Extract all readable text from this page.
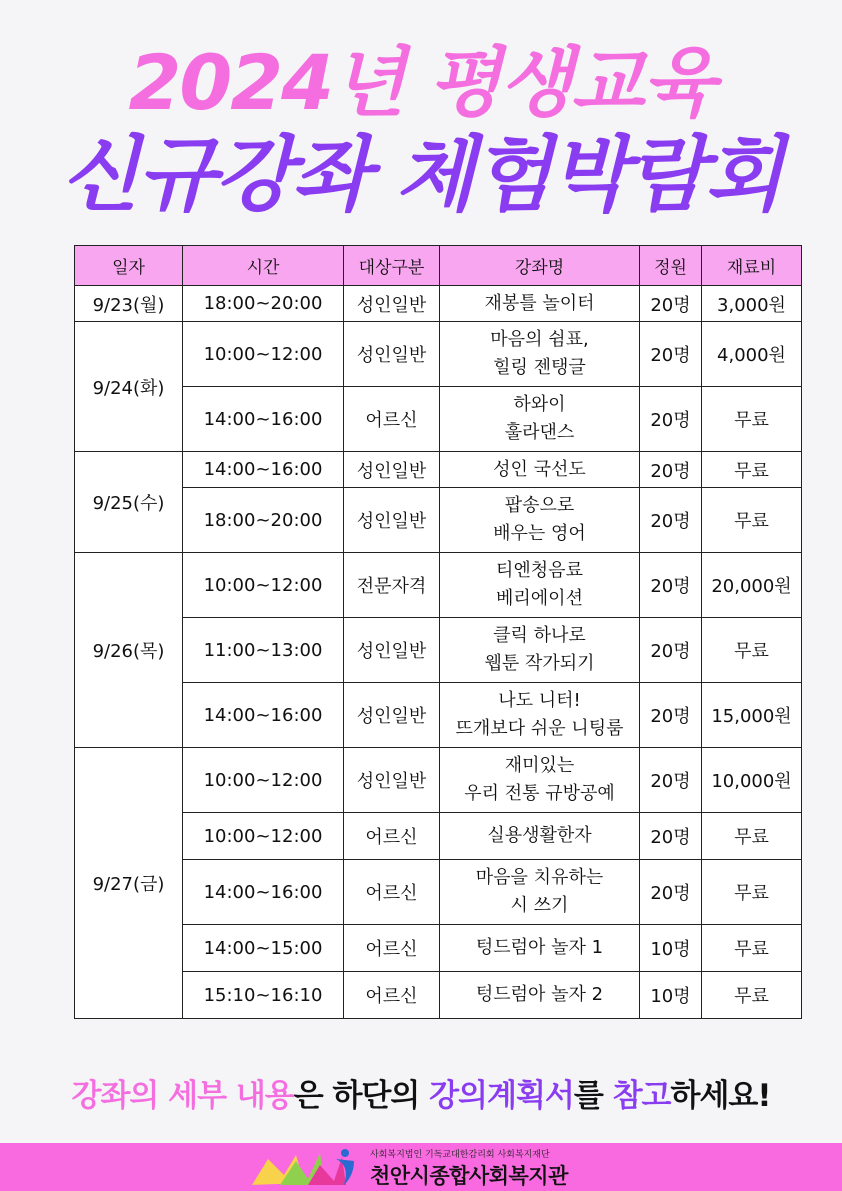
2024년 평생교육
신규강좌 체험박람회
일자	시간	대상구분	강좌명	정원	재료비
9/23(월)	18:00~20:00	성인일반	재봉틀 놀이터	20명	3,000원
9/24(화)	10:00~12:00	성인일반	마음의 쉼표,
힐링 젠탱글	20명	4,000원
	14:00~16:00	어르신	하와이
훌라댄스	20명	무료
9/25(수)	14:00~16:00	성인일반	성인 국선도	20명	무료
	18:00~20:00	성인일반	팝송으로
배우는 영어	20명	무료
9/26(목)	10:00~12:00	전문자격	티엔청음료
베리에이션	20명	20,000원
	11:00~13:00	성인일반	클릭 하나로
웹툰 작가되기	20명	무료
	14:00~16:00	성인일반	나도 니터!
뜨개보다 쉬운 니팅룸	20명	15,000원
9/27(금)	10:00~12:00	성인일반	재미있는
우리 전통 규방공예	20명	10,000원
	10:00~12:00	어르신	실용생활한자	20명	무료
	14:00~16:00	어르신	마음을 치유하는
시 쓰기	20명	무료
	14:00~15:00	어르신	텅드럼아 놀자 1	10명	무료
	15:10~16:10	어르신	텅드럼아 놀자 2	10명	무료
강좌의 세부 내용은 하단의 강의계획서를 참고하세요!
사회복지법인 기독교대한감리회 사회복지재단
천안시종합사회복지관
